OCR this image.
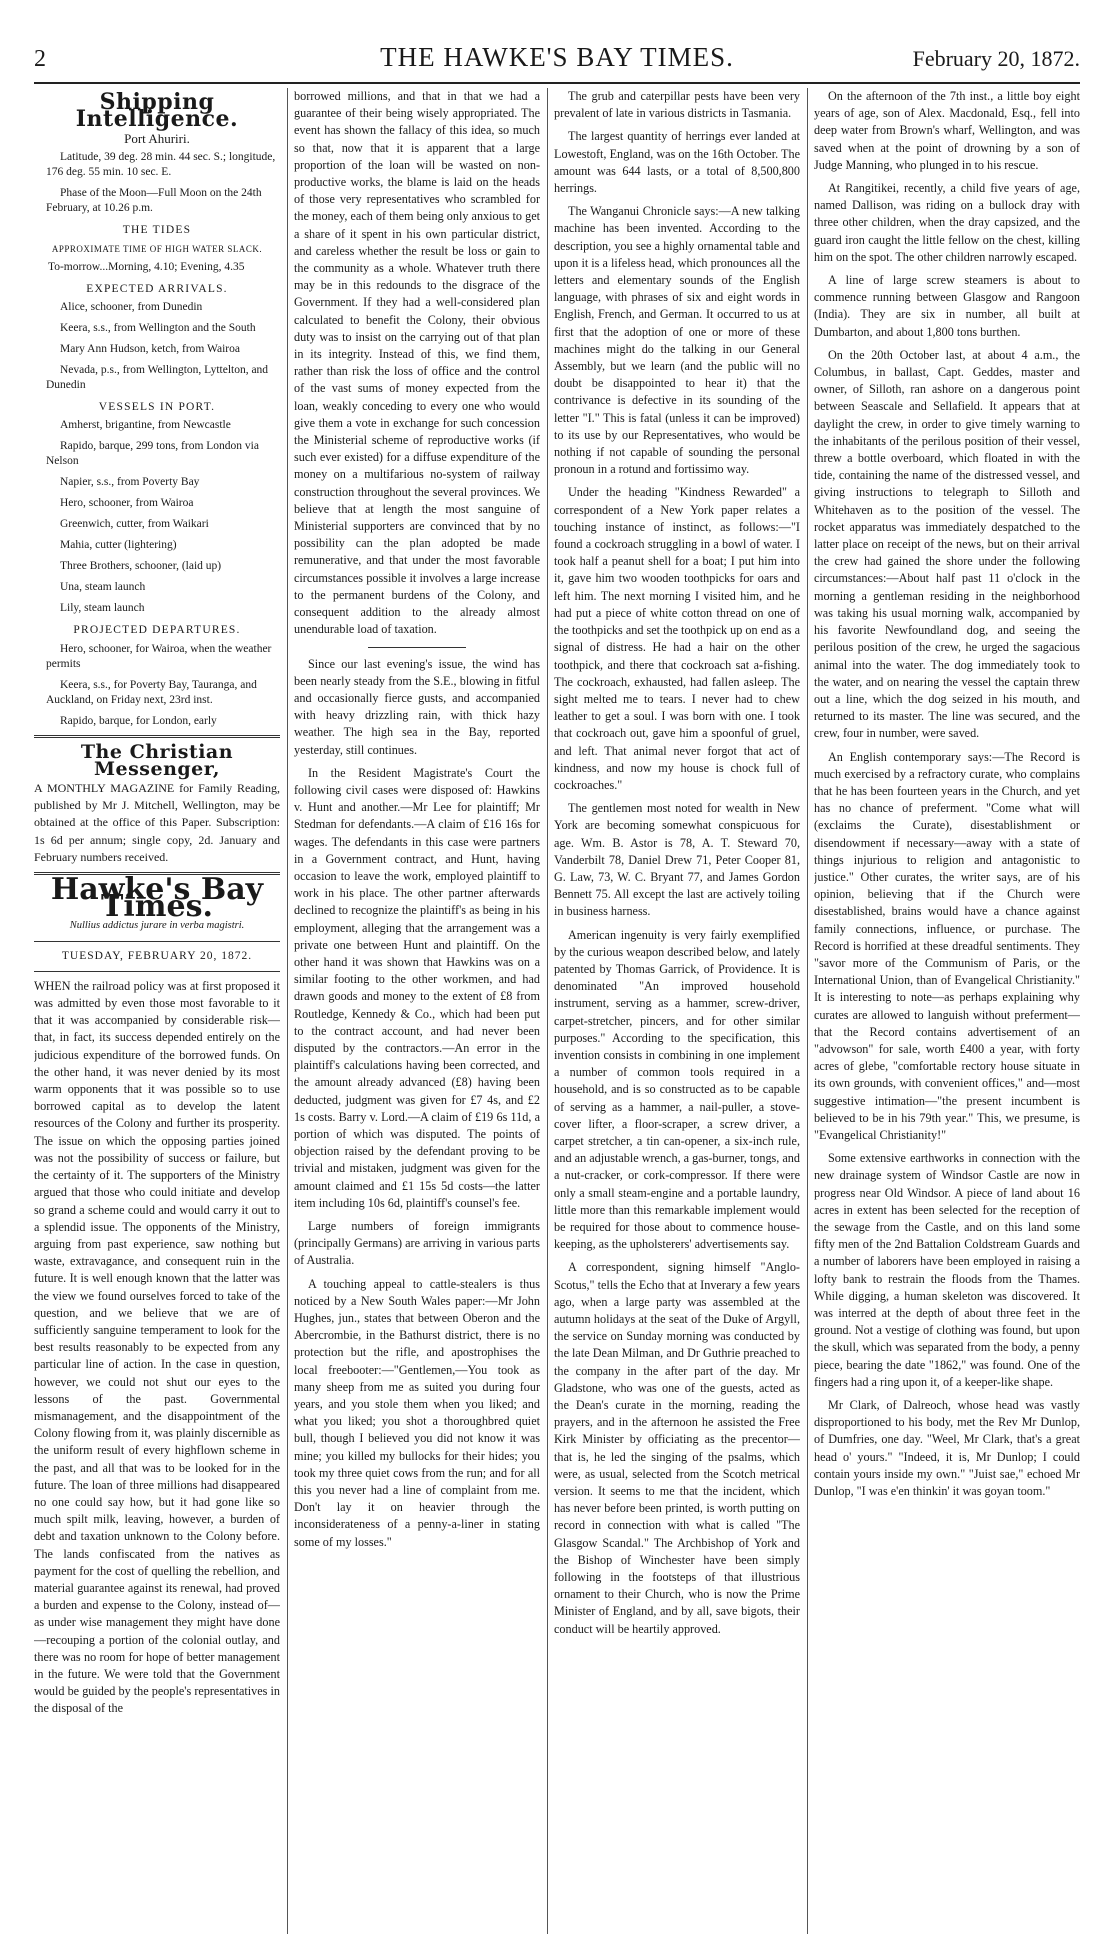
2	THE HAWKE'S BAY TIMES.	February 20, 1872.
Shipping Intelligence.
Port Ahuriri.

Latitude, 39 deg. 28 min. 44 sec. S.; longitude, 176 deg. 55 min. 10 sec. E.

Phase of the Moon—Full Moon on the 24th February, at 10.26 p.m.

THE TIDES
APPROXIMATE TIME OF HIGH WATER SLACK.

To-morrow...Morning, 4.10; Evening, 4.35

EXPECTED ARRIVALS.

Alice, schooner, from Dunedin

Keera, s.s., from Wellington and the South

Mary Ann Hudson, ketch, from Wairoa

Nevada, p.s., from Wellington, Lyttelton, and Dunedin

VESSELS IN PORT.

Amherst, brigantine, from Newcastle

Rapido, barque, 299 tons, from London via Nelson

Napier, s.s., from Poverty Bay

Hero, schooner, from Wairoa

Greenwich, cutter, from Waikari

Mahia, cutter (lightering)

Three Brothers, schooner, (laid up)

Una, steam launch

Lily, steam launch

PROJECTED DEPARTURES.

Hero, schooner, for Wairoa, when the weather permits

Keera, s.s., for Poverty Bay, Tauranga, and Auckland, on Friday next, 23rd inst.

Rapido, barque, for London, early

The Christian Messenger,

A MONTHLY MAGAZINE for Family Reading, published by Mr J. Mitchell, Wellington, may be obtained at the office of this Paper. Subscription: 1s 6d per annum; single copy, 2d. January and February numbers received.

Hawke's Bay Times.
Nullius addictus jurare in verba magistri.
TUESDAY, FEBRUARY 20, 1872.

WHEN the railroad policy was at first proposed it was admitted by even those most favorable to it that it was accompanied by considerable risk—that, in fact, its success depended entirely on the judicious expenditure of the borrowed funds. On the other hand, it was never denied by its most warm opponents that it was possible so to use borrowed capital as to develop the latent resources of the Colony and further its prosperity. The issue on which the opposing parties joined was not the possibility of success or failure, but the certainty of it. The supporters of the Ministry argued that those who could initiate and develop so grand a scheme could and would carry it out to a splendid issue. The opponents of the Ministry, arguing from past experience, saw nothing but waste, extravagance, and consequent ruin in the future. It is well enough known that the latter was the view we found ourselves forced to take of the question, and we believe that we are of sufficiently sanguine temperament to look for the best results reasonably to be expected from any particular line of action. In the case in question, however, we could not shut our eyes to the lessons of the past. Governmental mismanagement, and the disappointment of the Colony flowing from it, was plainly discernible as the uniform result of every highflown scheme in the past, and all that was to be looked for in the future. The loan of three millions had disappeared no one could say how, but it had gone like so much spilt milk, leaving, however, a burden of debt and taxation unknown to the Colony before. The lands confiscated from the natives as payment for the cost of quelling the rebellion, and material guarantee against its renewal, had proved a burden and expense to the Colony, instead of—as under wise management they might have done—recouping a portion of the colonial outlay, and there was no room for hope of better management in the future. We were told that the Government would be guided by the people's representatives in the disposal of the

borrowed millions, and that in that we had a guarantee of their being wisely appropriated. The event has shown the fallacy of this idea, so much so that, now that it is apparent that a large proportion of the loan will be wasted on non-productive works, the blame is laid on the heads of those very representatives who scrambled for the money, each of them being only anxious to get a share of it spent in his own particular district, and careless whether the result be loss or gain to the community as a whole. Whatever truth there may be in this redounds to the disgrace of the Government. If they had a well-considered plan calculated to benefit the Colony, their obvious duty was to insist on the carrying out of that plan in its integrity. Instead of this, we find them, rather than risk the loss of office and the control of the vast sums of money expected from the loan, weakly conceding to every one who would give them a vote in exchange for such concession the Ministerial scheme of reproductive works (if such ever existed) for a diffuse expenditure of the money on a multifarious no-system of railway construction throughout the several provinces. We believe that at length the most sanguine of Ministerial supporters are convinced that by no possibility can the plan adopted be made remunerative, and that under the most favorable circumstances possible it involves a large increase to the permanent burdens of the Colony, and consequent addition to the already almost unendurable load of taxation.

Since our last evening's issue, the wind has been nearly steady from the S.E., blowing in fitful and occasionally fierce gusts, and accompanied with heavy drizzling rain, with thick hazy weather. The high sea in the Bay, reported yesterday, still continues.

In the Resident Magistrate's Court the following civil cases were disposed of: Hawkins v. Hunt and another.—Mr Lee for plaintiff; Mr Stedman for defendants.—A claim of £16 16s for wages. The defendants in this case were partners in a Government contract, and Hunt, having occasion to leave the work, employed plaintiff to work in his place. The other partner afterwards declined to recognize the plaintiff's as being in his employment, alleging that the arrangement was a private one between Hunt and plaintiff. On the other hand it was shown that Hawkins was on a similar footing to the other workmen, and had drawn goods and money to the extent of £8 from Routledge, Kennedy & Co., which had been put to the contract account, and had never been disputed by the contractors.—An error in the plaintiff's calculations having been corrected, and the amount already advanced (£8) having been deducted, judgment was given for £7 4s, and £2 1s costs. Barry v. Lord.—A claim of £19 6s 11d, a portion of which was disputed. The points of objection raised by the defendant proving to be trivial and mistaken, judgment was given for the amount claimed and £1 15s 5d costs—the latter item including 10s 6d, plaintiff's counsel's fee.

Large numbers of foreign immigrants (principally Germans) are arriving in various parts of Australia.

A touching appeal to cattle-stealers is thus noticed by a New South Wales paper:—Mr John Hughes, jun., states that between Oberon and the Abercrombie, in the Bathurst district, there is no protection but the rifle, and apostrophises the local freebooter:—"Gentlemen,—You took as many sheep from me as suited you during four years, and you stole them when you liked; and what you liked; you shot a thoroughbred quiet bull, though I believed you did not know it was mine; you killed my bullocks for their hides; you took my three quiet cows from the run; and for all this you never had a line of complaint from me. Don't lay it on heavier through the inconsiderateness of a penny-a-liner in stating some of my losses."

The grub and caterpillar pests have been very prevalent of late in various districts in Tasmania.

The largest quantity of herrings ever landed at Lowestoft, England, was on the 16th October. The amount was 644 lasts, or a total of 8,500,800 herrings.

The Wanganui Chronicle says:—A new talking machine has been invented. According to the description, you see a highly ornamental table and upon it is a lifeless head, which pronounces all the letters and elementary sounds of the English language, with phrases of six and eight words in English, French, and German. It occurred to us at first that the adoption of one or more of these machines might do the talking in our General Assembly, but we learn (and the public will no doubt be disappointed to hear it) that the contrivance is defective in its sounding of the letter "I." This is fatal (unless it can be improved) to its use by our Representatives, who would be nothing if not capable of sounding the personal pronoun in a rotund and fortissimo way.

Under the heading "Kindness Rewarded" a correspondent of a New York paper relates a touching instance of instinct, as follows:—"I found a cockroach struggling in a bowl of water. I took half a peanut shell for a boat; I put him into it, gave him two wooden toothpicks for oars and left him. The next morning I visited him, and he had put a piece of white cotton thread on one of the toothpicks and set the toothpick up on end as a signal of distress. He had a hair on the other toothpick, and there that cockroach sat a-fishing. The cockroach, exhausted, had fallen asleep. The sight melted me to tears. I never had to chew leather to get a soul. I was born with one. I took that cockroach out, gave him a spoonful of gruel, and left. That animal never forgot that act of kindness, and now my house is chock full of cockroaches."

The gentlemen most noted for wealth in New York are becoming somewhat conspicuous for age. Wm. B. Astor is 78, A. T. Steward 70, Vanderbilt 78, Daniel Drew 71, Peter Cooper 81, G. Law, 73, W. C. Bryant 77, and James Gordon Bennett 75. All except the last are actively toiling in business harness.

American ingenuity is very fairly exemplified by the curious weapon described below, and lately patented by Thomas Garrick, of Providence. It is denominated "An improved household instrument, serving as a hammer, screw-driver, carpet-stretcher, pincers, and for other similar purposes." According to the specification, this invention consists in combining in one implement a number of common tools required in a household, and is so constructed as to be capable of serving as a hammer, a nail-puller, a stove-cover lifter, a floor-scraper, a screw driver, a carpet stretcher, a tin can-opener, a six-inch rule, and an adjustable wrench, a gas-burner, tongs, and a nut-cracker, or cork-compressor. If there were only a small steam-engine and a portable laundry, little more than this remarkable implement would be required for those about to commence house-keeping, as the upholsterers' advertisements say.

A correspondent, signing himself "Anglo-Scotus," tells the Echo that at Inverary a few years ago, when a large party was assembled at the autumn holidays at the seat of the Duke of Argyll, the service on Sunday morning was conducted by the late Dean Milman, and Dr Guthrie preached to the company in the after part of the day. Mr Gladstone, who was one of the guests, acted as the Dean's curate in the morning, reading the prayers, and in the afternoon he assisted the Free Kirk Minister by officiating as the precentor—that is, he led the singing of the psalms, which were, as usual, selected from the Scotch metrical version. It seems to me that the incident, which has never before been printed, is worth putting on record in connection with what is called "The Glasgow Scandal." The Archbishop of York and the Bishop of Winchester have been simply following in the footsteps of that illustrious ornament to their Church, who is now the Prime Minister of England, and by all, save bigots, their conduct will be heartily approved.

On the afternoon of the 7th inst., a little boy eight years of age, son of Alex. Macdonald, Esq., fell into deep water from Brown's wharf, Wellington, and was saved when at the point of drowning by a son of Judge Manning, who plunged in to his rescue.

At Rangitikei, recently, a child five years of age, named Dallison, was riding on a bullock dray with three other children, when the dray capsized, and the guard iron caught the little fellow on the chest, killing him on the spot. The other children narrowly escaped.

A line of large screw steamers is about to commence running between Glasgow and Rangoon (India). They are six in number, all built at Dumbarton, and about 1,800 tons burthen.

On the 20th October last, at about 4 a.m., the Columbus, in ballast, Capt. Geddes, master and owner, of Silloth, ran ashore on a dangerous point between Seascale and Sellafield. It appears that at daylight the crew, in order to give timely warning to the inhabitants of the perilous position of their vessel, threw a bottle overboard, which floated in with the tide, containing the name of the distressed vessel, and giving instructions to telegraph to Silloth and Whitehaven as to the position of the vessel. The rocket apparatus was immediately despatched to the latter place on receipt of the news, but on their arrival the crew had gained the shore under the following circumstances:—About half past 11 o'clock in the morning a gentleman residing in the neighborhood was taking his usual morning walk, accompanied by his favorite Newfoundland dog, and seeing the perilous position of the crew, he urged the sagacious animal into the water. The dog immediately took to the water, and on nearing the vessel the captain threw out a line, which the dog seized in his mouth, and returned to its master. The line was secured, and the crew, four in number, were saved.

An English contemporary says:—The Record is much exercised by a refractory curate, who complains that he has been fourteen years in the Church, and yet has no chance of preferment. "Come what will (exclaims the Curate), disestablishment or disendowment if necessary—away with a state of things injurious to religion and antagonistic to justice." Other curates, the writer says, are of his opinion, believing that if the Church were disestablished, brains would have a chance against family connections, influence, or purchase. The Record is horrified at these dreadful sentiments. They "savor more of the Communism of Paris, or the International Union, than of Evangelical Christianity." It is interesting to note—as perhaps explaining why curates are allowed to languish without preferment—that the Record contains advertisement of an "advowson" for sale, worth £400 a year, with forty acres of glebe, "comfortable rectory house situate in its own grounds, with convenient offices," and—most suggestive intimation—"the present incumbent is believed to be in his 79th year." This, we presume, is "Evangelical Christianity!"

Some extensive earthworks in connection with the new drainage system of Windsor Castle are now in progress near Old Windsor. A piece of land about 16 acres in extent has been selected for the reception of the sewage from the Castle, and on this land some fifty men of the 2nd Battalion Coldstream Guards and a number of laborers have been employed in raising a lofty bank to restrain the floods from the Thames. While digging, a human skeleton was discovered. It was interred at the depth of about three feet in the ground. Not a vestige of clothing was found, but upon the skull, which was separated from the body, a penny piece, bearing the date "1862," was found. One of the fingers had a ring upon it, of a keeper-like shape.

Mr Clark, of Dalreoch, whose head was vastly disproportioned to his body, met the Rev Mr Dunlop, of Dumfries, one day. "Weel, Mr Clark, that's a great head o' yours." "Indeed, it is, Mr Dunlop; I could contain yours inside my own." "Juist sae," echoed Mr Dunlop, "I was e'en thinkin' it was goyan toom."
